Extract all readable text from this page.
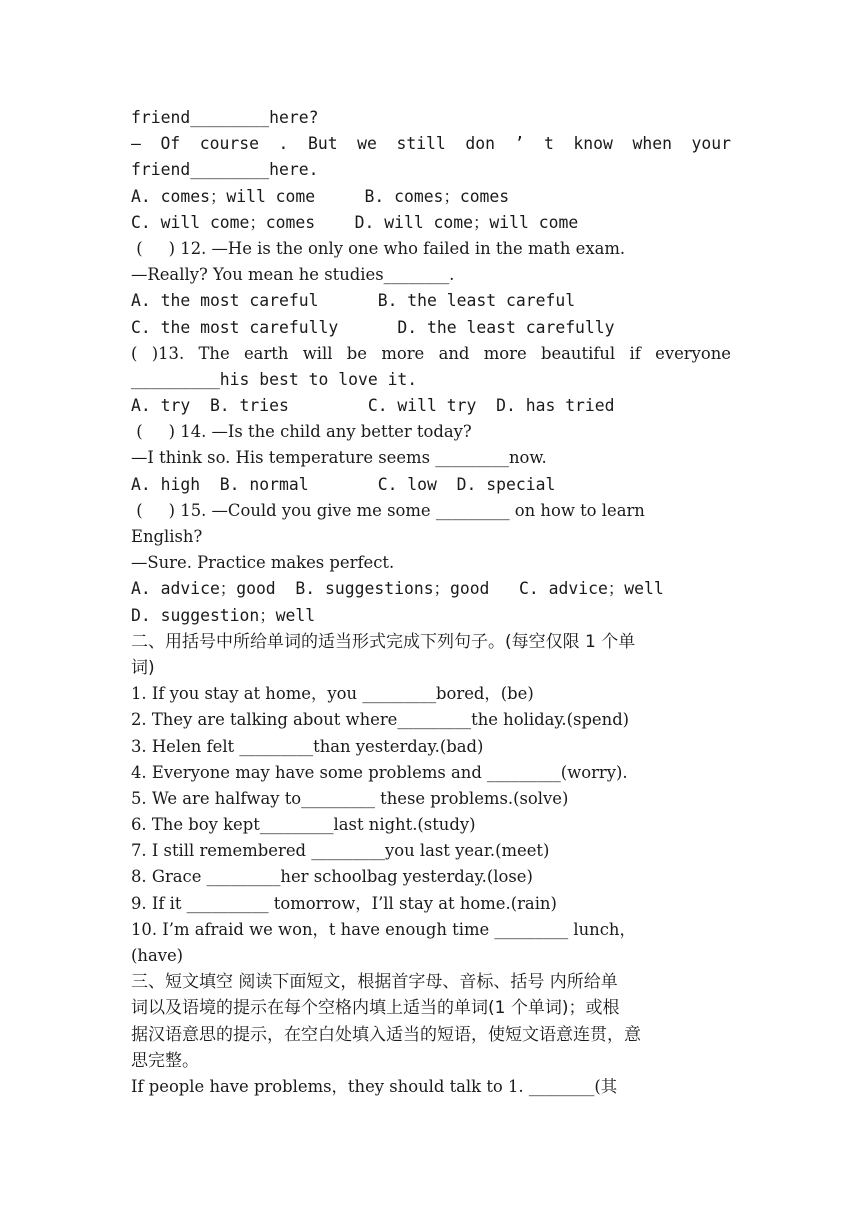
friend________here?
— Of course . But we still don ’ t know when your
friend________here.
A. comes；will come     B. comes；comes
C. will come；comes    D. will come；will come
(     ) 12. —He is the only one who failed in the math exam.
—Really? You mean he studies________.
A. the most careful      B. the least careful
C. the most carefully      D. the least carefully
( )13. The earth will be more and more beautiful if everyone
_________his best to love it.
A. try  B. tries        C. will try  D. has tried
(     ) 14. —Is the child any better today?
—I think so. His temperature seems _________now.
A. high  B. normal       C. low  D. special
(     ) 15. —Could you give me some _________ on how to learn
English?
—Sure. Practice makes perfect.
A. advice；good  B. suggestions；good   C. advice；well
D. suggestion；well
二、用括号中所给单词的适当形式完成下列句子。(每空仅限 1 个单
词)
1. If you stay at home，you _________bored，(be)
2. They are talking about where_________the holiday.(spend)
3. Helen felt _________than yesterday.(bad)
4. Everyone may have some problems and _________(worry).
5. We are halfway to_________ these problems.(solve)
6. The boy kept_________last night.(study)
7. I still remembered _________you last year.(meet)
8. Grace _________her schoolbag yesterday.(lose)
9. If it __________ tomorrow，I’ll stay at home.(rain)
10. I’m afraid we won，t have enough time _________ lunch，
(have)
三、短文填空 阅读下面短文，根据首字母、音标、括号 内所给单
词以及语境的提示在每个空格内填上适当的单词(1 个单词)；或根
据汉语意思的提示，在空白处填入适当的短语，使短文语意连贯，意
思完整。
If people have problems，they should talk to 1. ________(其
